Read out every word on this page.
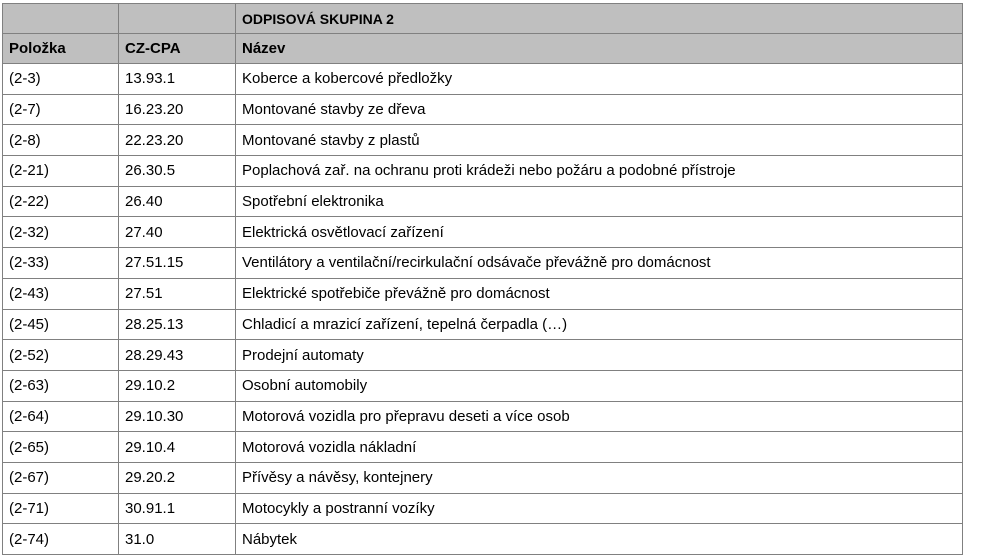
		ODPISOVÁ SKUPINA 2
Položka	CZ-CPA	Název
(2-3)	13.93.1	Koberce a kobercové předložky
(2-7)	16.23.20	Montované stavby ze dřeva
(2-8)	22.23.20	Montované stavby z plastů
(2-21)	26.30.5	Poplachová zař. na ochranu proti krádeži nebo požáru a podobné přístroje
(2-22)	26.40	Spotřební elektronika
(2-32)	27.40	Elektrická osvětlovací zařízení
(2-33)	27.51.15	Ventilátory a ventilační/recirkulační odsávače převážně pro domácnost
(2-43)	27.51	Elektrické spotřebiče převážně pro domácnost
(2-45)	28.25.13	Chladicí a mrazicí zařízení, tepelná čerpadla (…)
(2-52)	28.29.43	Prodejní automaty
(2-63)	29.10.2	Osobní automobily
(2-64)	29.10.30	Motorová vozidla pro přepravu deseti a více osob
(2-65)	29.10.4	Motorová vozidla nákladní
(2-67)	29.20.2	Přívěsy a návěsy, kontejnery
(2-71)	30.91.1	Motocykly a postranní vozíky
(2-74)	31.0	Nábytek
